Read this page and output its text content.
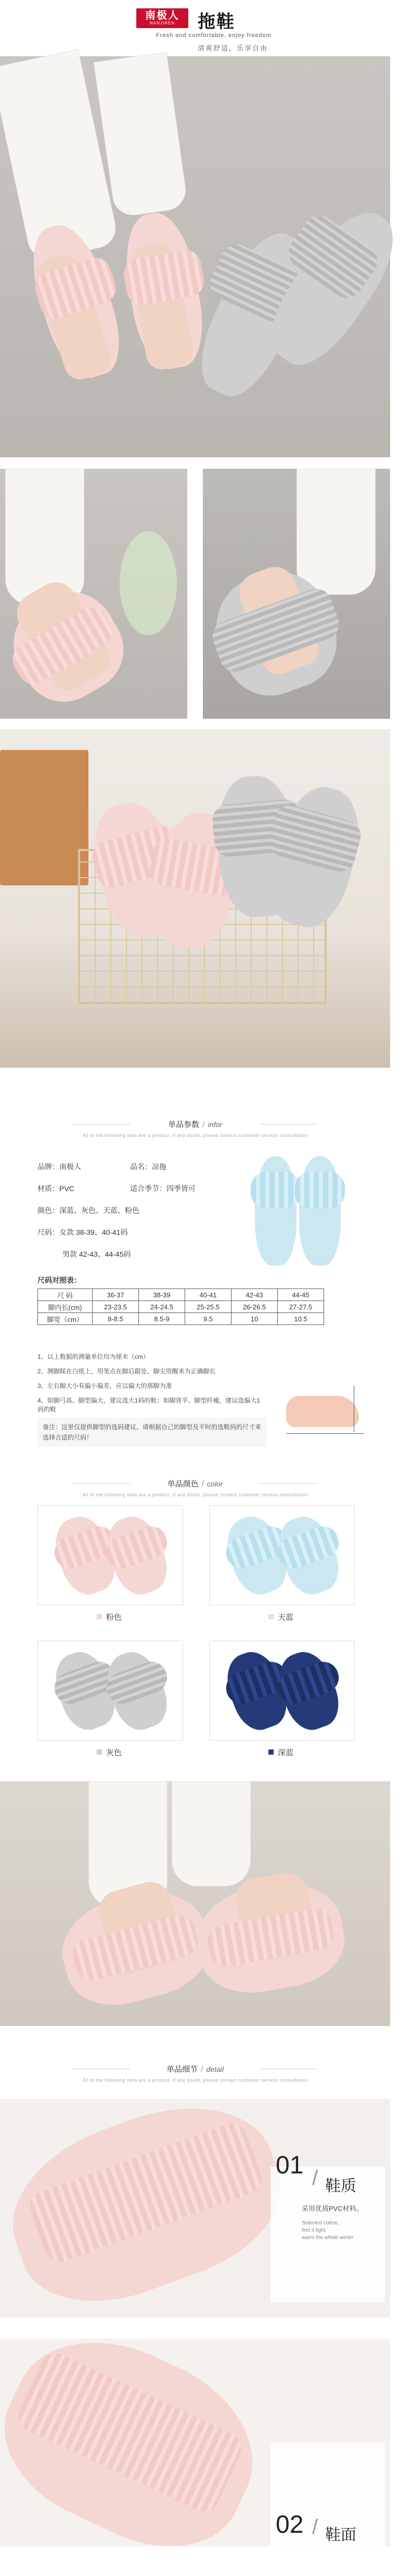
南极人
NANJIREN 拖鞋
Fresh and comfortable, enjoy freedom
清爽舒适，乐享自由
单品参数 / infor
All of the following data are a product, if any doubt, please contact customer service consultation
品牌：南极人	品名：凉拖
材质：PVC	适合季节：四季皆可
颜色：深蓝、灰色、天蓝、粉色
尺码：女款 38-39、40-41码
男款 42-43、44-45码
尺码对照表：
尺 码	36-37	38-39	40-41	42-43	44-45
脚内长(cm)	23-23.5	24-24.5	25-25.5	26-26.5	27-27.5
脚宽（cm）	8-8.5	8.5-9	9.5	10	10.5
1、以上数据的测量单位均为厘米（cm）
2、测脚踩在白纸上，用笔点在脚后跟处、脚尖用醒来为正确脚长
3、左右脚大小有偏小偏差，应以偏大的那脚为准
4、如脚弓高、脚型偏大，建议选大1码的鞋；如脚背平、脚型纤瘦，建议选偏大1码的鞋
备注：这里仅提供脚型的选码建议，请根据自己的脚型及平时的选鞋码的尺寸来选择合适的尺码！
单品颜色 / color
All of the following data are a product, if any doubt, please contact customer service consultation
粉色	天蓝
灰色	深蓝
单品细节 / detail
All of the following data are a product, if any doubt, please contact customer service consultation
01 / 鞋质
采用优质PVC材料。
Selected cotton,
feel it light,
warm the whole winter
02 / 鞋面
